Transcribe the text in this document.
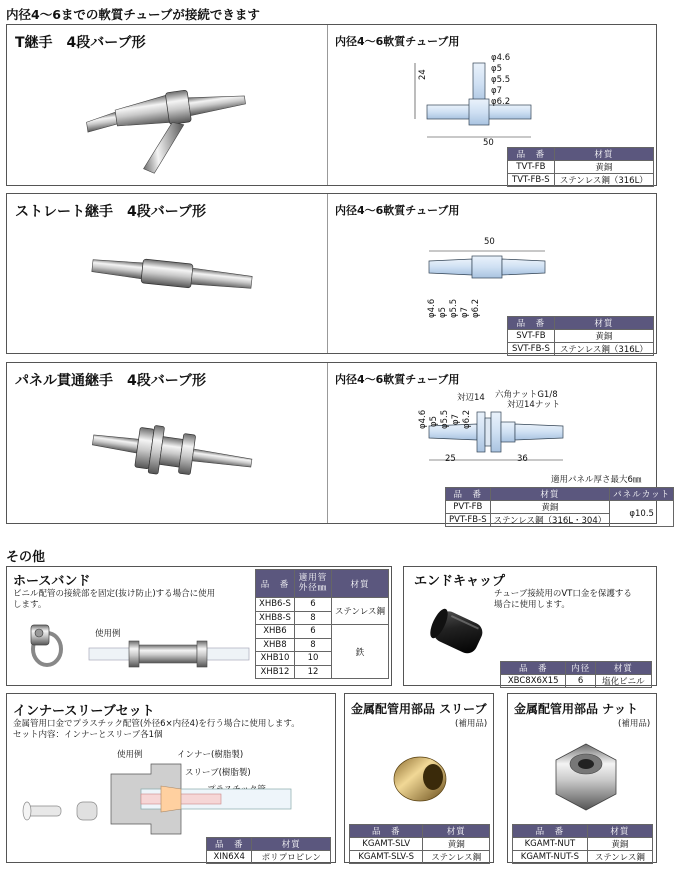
内径4〜6までの軟質チューブが接続できます
T継手　4段バーブ形	内径4〜6軟質チューブ用
24
50
φ4.6
φ5
φ5.5
φ7
φ6.2
品　番	材質
TVT-FB	黄銅
TVT-FB-S	ステンレス鋼（316L）
ストレート継手　4段バーブ形	内径4〜6軟質チューブ用
50
φ4.6 φ5 φ5.5 φ7 φ6.2
品　番	材質
SVT-FB	黄銅
SVT-FB-S	ステンレス鋼（316L）
パネル貫通継手　4段バーブ形	内径4〜6軟質チューブ用
φ4.6 φ5 φ5.5 φ7 φ6.2
六角ナットG1/8
対辺14
対辺14ナット
25	36
適用パネル厚さ最大6㎜
品　番	材質	パネルカット
PVT-FB	黄銅	φ10.5
PVT-FB-S	ステンレス鋼（316L・304）	
その他
ホースバンド
ビニル配管の接続部を固定(抜け防止)する場合に使用
します。
使用例
品　番	適用管外径㎜	材質
XHB6-S	6	ステンレス鋼
XHB8-S	8	
XHB6	6	鉄
XHB8	8	
XHB10	10	
XHB12	12	
エンドキャップ
チューブ接続用のVT口金を保護する
場合に使用します。
品　番	内径	材質
XBC8X6X15	6	塩化ビニル
インナースリーブセット
金属管用口金でプラスチック配管(外径6×内径4)を行う場合に使用します。
セット内容：インナーとスリーブ各1個
使用例	インナー(樹脂製)
スリーブ(樹脂製)
品　番	材質
XIN6X4	ポリプロピレン
金属配管用部品 スリーブ
(補用品)
品　番	材質
KGAMT-SLV	黄銅
KGAMT-SLV-S	ステンレス鋼
金属配管用部品 ナット
(補用品)
品　番	材質
KGAMT-NUT	黄銅
KGAMT-NUT-S	ステンレス鋼
